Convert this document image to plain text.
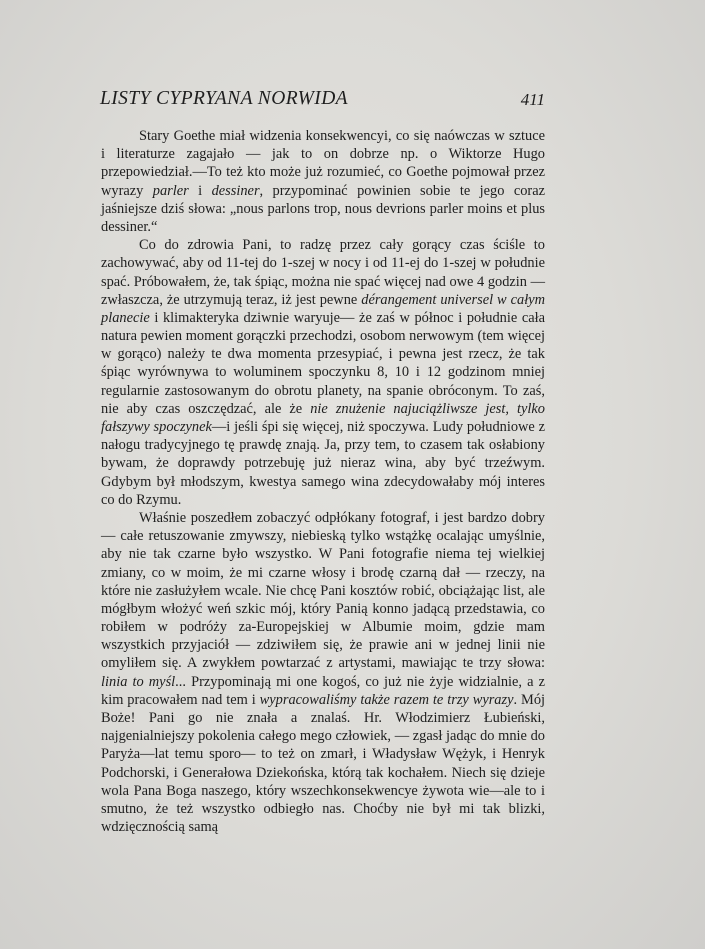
LISTY CYPRYANA NORWIDA	411

Stary Goethe miał widzenia konsekwencyi, co się naówczas w sztuce i literaturze zagajało — jak to on dobrze np. o Wiktorze Hugo przepowiedział.—To też kto może już rozumieć, co Goethe pojmował przez wyrazy parler i dessiner, przypominać powinien sobie te jego coraz jaśniejsze dziś słowa: „nous parlons trop, nous devrions parler moins et plus dessiner.“

Co do zdrowia Pani, to radzę przez cały gorący czas ściśle to zachowywać, aby od 11-tej do 1-szej w nocy i od 11-ej do 1-szej w południe spać. Próbowałem, że, tak śpiąc, można nie spać więcej nad owe 4 godzin — zwłaszcza, że utrzymują teraz, iż jest pewne dérangement universel w całym planecie i klimakteryka dziwnie waryuje— że zaś w północ i południe cała natura pewien moment gorączki przechodzi, osobom nerwowym (tem więcej w gorąco) należy te dwa momenta przesypiać, i pewna jest rzecz, że tak śpiąc wyrównywa to woluminem spoczynku 8, 10 i 12 godzinom mniej regularnie zastosowanym do obrotu planety, na spanie obróconym. To zaś, nie aby czas oszczędzać, ale że nie znużenie najuciążliwsze jest, tylko fałszywy spoczynek—i jeśli śpi się więcej, niż spoczywa. Ludy południowe z nałogu tradycyjnego tę prawdę znają. Ja, przy tem, to czasem tak osłabiony bywam, że doprawdy potrzebuję już nieraz wina, aby być trzeźwym. Gdybym był młodszym, kwestya samego wina zdecydowałaby mój interes co do Rzymu.

Właśnie poszedłem zobaczyć odpłókany fotograf, i jest bardzo dobry — całe retuszowanie zmywszy, niebieską tylko wstążkę ocalając umyślnie, aby nie tak czarne było wszystko. W Pani fotografie niema tej wielkiej zmiany, co w moim, że mi czarne włosy i brodę czarną dał — rzeczy, na które nie zasłużyłem wcale. Nie chcę Pani kosztów robić, obciążając list, ale mógłbym włożyć weń szkic mój, który Panią konno jadącą przedstawia, co robiłem w podróży za-Europejskiej w Albumie moim, gdzie mam wszystkich przyjaciół — zdziwiłem się, że prawie ani w jednej linii nie omyliłem się. A zwykłem powtarzać z artystami, mawiając te trzy słowa: linia to myśl... Przypominają mi one kogoś, co już nie żyje widzialnie, a z kim pracowałem nad tem i wypracowaliśmy także razem te trzy wyrazy. Mój Boże! Pani go nie znała a znalaś. Hr. Włodzimierz Łubieński, najgenialniejszy pokolenia całego mego człowiek, — zgasł jadąc do mnie do Paryża—lat temu sporo— to też on zmarł, i Władysław Wężyk, i Henryk Podchorski, i Generałowa Dziekońska, którą tak kochałem. Niech się dzieje wola Pana Boga naszego, który wszechkonsekwencye żywota wie—ale to i smutno, że też wszystko odbiegło nas. Choćby nie był mi tak blizki, wdzięcznością samą
